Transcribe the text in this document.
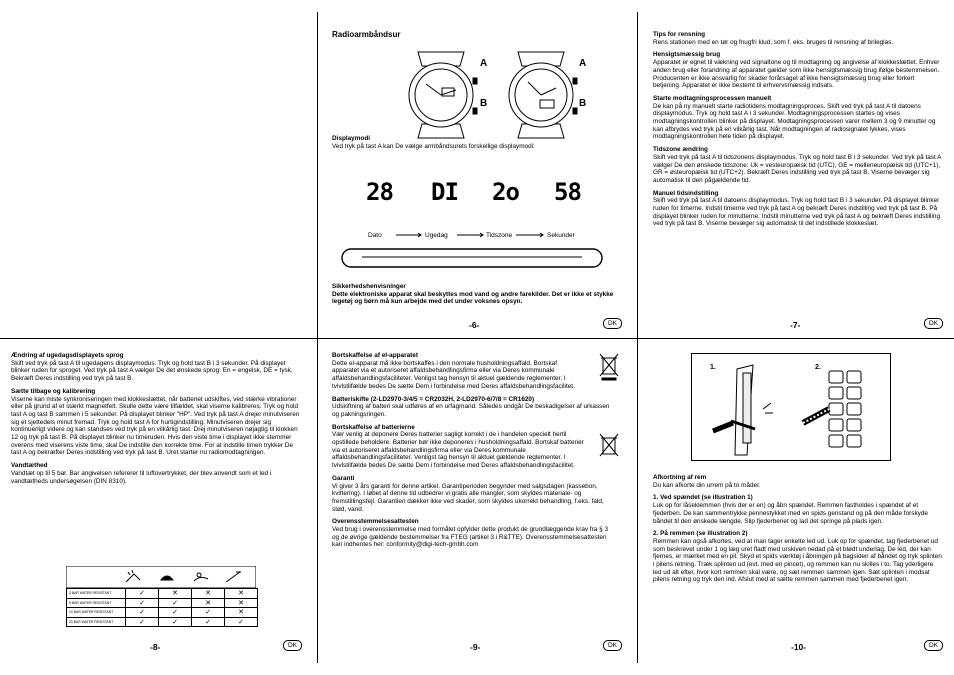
Radioarmbåndsur
A
B
A
B
Displaymodi
Ved tryk på tast A kan De vælge armbåndsurets forskellige displaymodi:
28 DI 2o 58
Dato	Ugedag	Tidszone	Sekunder
Sikkerhedshenvisninger
Dette elektroniske apparat skal beskyttes mod vand og andre farekilder. Det er ikke et stykke legetøj og børn må kun arbejde med det under voksnes opsyn.
-6-	DK
Tips for rensning
Rens stationen med en tør og fnugfri klud, som f. eks. bruges til rensning af brileglas.
Hensigtsmæssig brug
Apparatet er egnet til vækning ved signaltone og til modtagning og angivelse af klokkeslættet. Enhver anden brug eller forandring af apparatet gælder som ikke hensigtsmæssig brug ifølge bestemmelsen. Producenten er ikke ansvarlig for skader forårsaget af ikke hensigtsmæssig brug eller forkert betjening. Apparatet er ikke bestemt til erhvervsmæssig indsats.
Starte modtagningsprocessen manuelt
De kan på ny manuelt starte radiotidens modtagningsproces. Skift ved tryk på tast A til datoens displaymodus. Tryk og hold tast A i 3 sekunder. Modtagningsprocessen startes og vises modtagningskontrollen blinker på displayet. Modtagningsprocessen varer mellem 3 og 9 minutter og kan afbrydes ved tryk på en vilkårlig tast. Når modtagningen af radiosignalet lykkes, vises modtagningskontrollen hele tiden på displayet.
Tidszone ændring
Skift ved tryk på tast A til tidszonens displaymodus. Tryk og hold tast B i 3 sekunder. Ved tryk på tast A vælger De den ønskede tidszone: Uk = vesteuropæisk tid (UTC), GE = melleneuropæisk tid (UTC+1), GR = østeuropæisk tid (UTC+2). Bekræft Deres indstilling ved tryk på tast B. Viserne bevæger sig automatisk til den pågældende tid.
Manuel tidsindstilling
Skift ved tryk på tast A til datoens displaymodus. Tryk og hold tast B i 3 sekunder. På displayet blinker ruden for timerne. Indstil timerne ved tryk på tast A og bekræft Deres indstilling ved tryk på tast B. På displayet blinker ruden for minutterne. Indstil minutterne ved tryk på tast A og bekræft Deres indstilling ved tryk på tast B. Viserne bevæger sig automatisk til det indstillede klokkeslæt.
-7-	DK
Ændring af ugedagsdisplayets sprog
Skift ved tryk på tast A til ugedagens displaymodus. Tryk og hold tast B i 3 sekunder. På displayet blinker ruden for sproget. Ved tryk på tast A vælger De det ønskede sprog: En = engelsk, DE = tysk. Bekræft Deres indstilling ved tryk på tast B.
Sætte tilbage og kalibrering
Viserne kan miste synkroniseringen med klokkeslættet, når batteriet udskiftes, ved stærke vibrationer eller på grund af et stærkt magnetfelt. Skulle dette være tilfældet, skal viserne kalibreres. Tryk og hold tast A og tast B sammen i 5 sekunder. På displayet blinker "HP". Ved tryk på tast A drejer minutviseren sig et sjettedels minut fremad. Tryk og hold tast A for hurtigindstilling. Minutviseren drejer sig kontinuerligt videre og kan standses ved tryk på en vilkårlig tast. Drej minutviseren nøjagtig til klokken 12 og tryk på tast B. På displayet blinker nu timeruden. Hvis den viste time i displayet ikke stemmer overens med viserens viste time, skal De indstille den korrekte time. For at indstille timen trykker De tast A og bekræfter Deres indstilling ved tryk på tast B. Uret starter nu radiomodtagningen.
Vandtæthed
Vandtæt op til 5 bar. Bar angivelsen refererer til luftovertrykket, der blev anvendt som et led i vandtætheds undersøgelsen (DIN 8310).
3 BAR WATER RESISTANT	✓	✕	✕	✕
5 BAR WATER RESISTANT	✓	✓	✕	✕
10 BAR WATER RESISTANT	✓	✓	✓	✕
20 BAR WATER RESISTANT	✓	✓	✓	✓
-8-	DK
Bortskaffelse af el-apparatet
Dette el-apparat må ikke bortskaffes i den normale husholdningsaffald. Bortskaf apparatet via et autoriseret affaldsbehandlingsfirma eller via Deres kommunale affaldsbehandlingsfaciliteter. Venligst tag hensyn til aktuel gældende reglementer. I tvivlstilfælde bedes De sætte Dem i forbindelse med Deres affaldsbehandlingsfacilitet.
Batteriskifte (2-LD2970-3/4/5 = CR2032H, 2-LD2970-6/7/8 = CR1620)
Udskiftning af batteri skal udføres af en urfagmand. Således undgår De beskadigelser af urkassen og pakningsringen.
Bortskaffelse af batterierne
Vær venlig at deponere Deres batterier sagligt korrekt i de i handelen specielt hertil opstillede beholdere. Batterier bør ikke deponeres i husholdningsaffald. Bortskaf batterier via et autoriseret affaldsbehandlingsfirma eller via Deres kommunale affaldsbehandlingsfaciliteter. Venligst tag hensyn til aktuel gældende reglementer. I tvivlstilfælde bedes De sætte Dem i forbindelse med Deres affaldsbehandlingsfacilitet.
Garanti
Vi giver 3 års garanti for denne artikel. Garantiperioden begynder med salgsdagen (kassebon, kvittering). I løbet af denne tid udbedrer vi gratis alle mangler, som skyldes materiale- og fremstillingsfejl. Garantien dækker ikke ved skader, som skyldes ukorrekt behandling, f.eks. fald, stød, vand.
Overensstemmelsesattesten
Ved brug i overensstemmelse med formålet opfylder dette produkt de grundlæggende krav fra § 3 og de øvrige gældende bestemmelser fra FTEG (artikel 3 i R&TTE). Overensstemmelsesattesten kan indhentes her: conformity@digi-tech-gmbh.com
-9-	DK
1.	2.
Afkortning af rem
Du kan afkorte din urrem på to måder.
1. Ved spændet (se illustration 1)
Luk op for låseklemmen (hvis der er en) og åbn spændet. Remmen fastholdes i spændet af et fjederben. De kan sammentrykke pennestykket med en spids genstand og på den måde forskyde båndet til den ønskede længde. Slip fjederbenet og lad det springe på plads igen.
2. På remmen (se illustration 2)
Remmen kan også afkortes, ved at man tager enkelte led ud. Luk op for spændet, tag fjederbenet ud som beskrevet under 1 og læg uret fladt med urskiven nedad på et blødt underlag. De led, der kan fjernes, er mærket med en pil. Skyd et spids værktøj i åbningen på bagsiden af båndet og tryk splinten i pilens retning. Træk splinten ud (evt. med en pincet), og remmen kan nu skilles i to. Tag yderligere led ud alt efter, hvor kort remmen skal være, og sæt remmen sammen igen. Sæt splinten i modsat pilens retning og tryk den ind. Afslut med at sætte remmen sammen med fjederbenet igen.
-10-	DK
